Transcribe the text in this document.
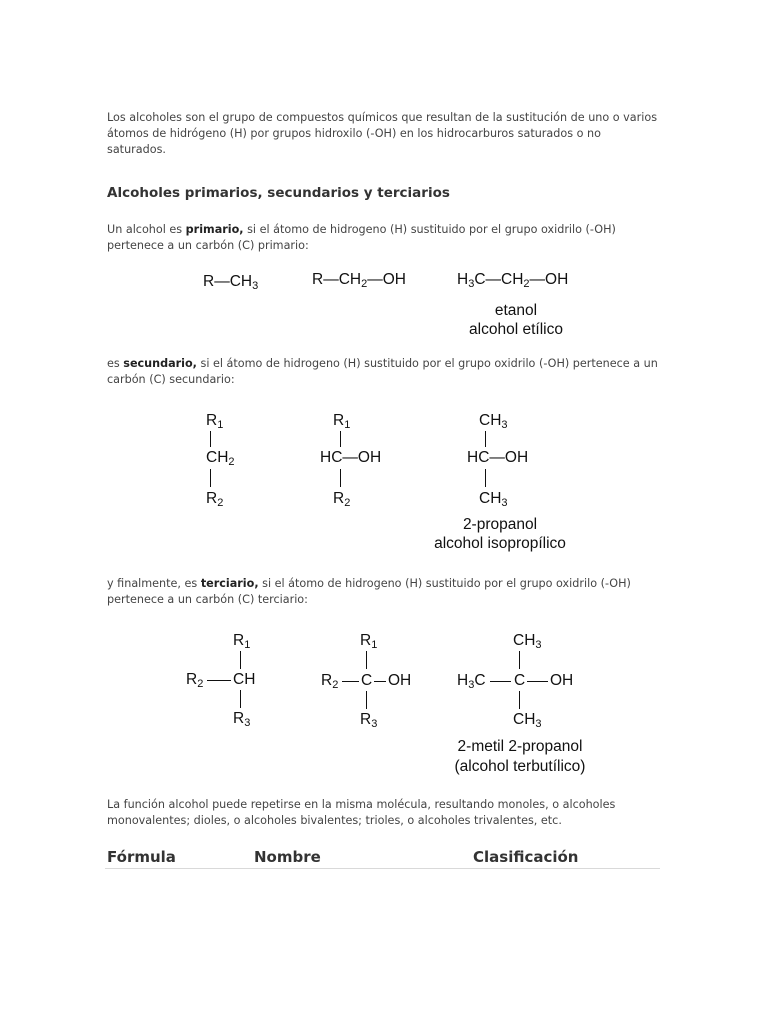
Los alcoholes son el grupo de compuestos químicos que resultan de la sustitución de uno o varios átomos de hidrógeno (H) por grupos hidroxilo (-OH) en los hidrocarburos saturados o no saturados.

Alcoholes primarios, secundarios y terciarios

Un alcohol es primario, si el átomo de hidrogeno (H) sustituido por el grupo oxidrilo (-OH) pertenece a un carbón (C) primario:

$R—CH_3$	$R—CH_2—OH$	$H_3C—CH_2—OH$
etanol
alcohol etílico

es secundario, si el átomo de hidrogeno (H) sustituido por el grupo oxidrilo (-OH) pertenece a un carbón (C) secundario:

$R_1$
$CH_2$
$R_2$
$R_1$
HC—OH
$R_2$
$CH_3$
HC—OH
$CH_3$
2-propanol
alcohol isopropílico

y finalmente, es terciario, si el átomo de hidrogeno (H) sustituido por el grupo oxidrilo (-OH) pertenece a un carbón (C) terciario:

$R_1$
$R_2$ CH
$R_3$
$R_1$
$R_2$ C OH
$R_3$
$CH_3$
$H_3C$ C OH
$CH_3$
2-metil 2-propanol
(alcohol terbutílico)

La función alcohol puede repetirse en la misma molécula, resultando monoles, o alcoholes monovalentes; dioles, o alcoholes bivalentes; trioles, o alcoholes trivalentes, etc.

Fórmula	Nombre	Clasificación
